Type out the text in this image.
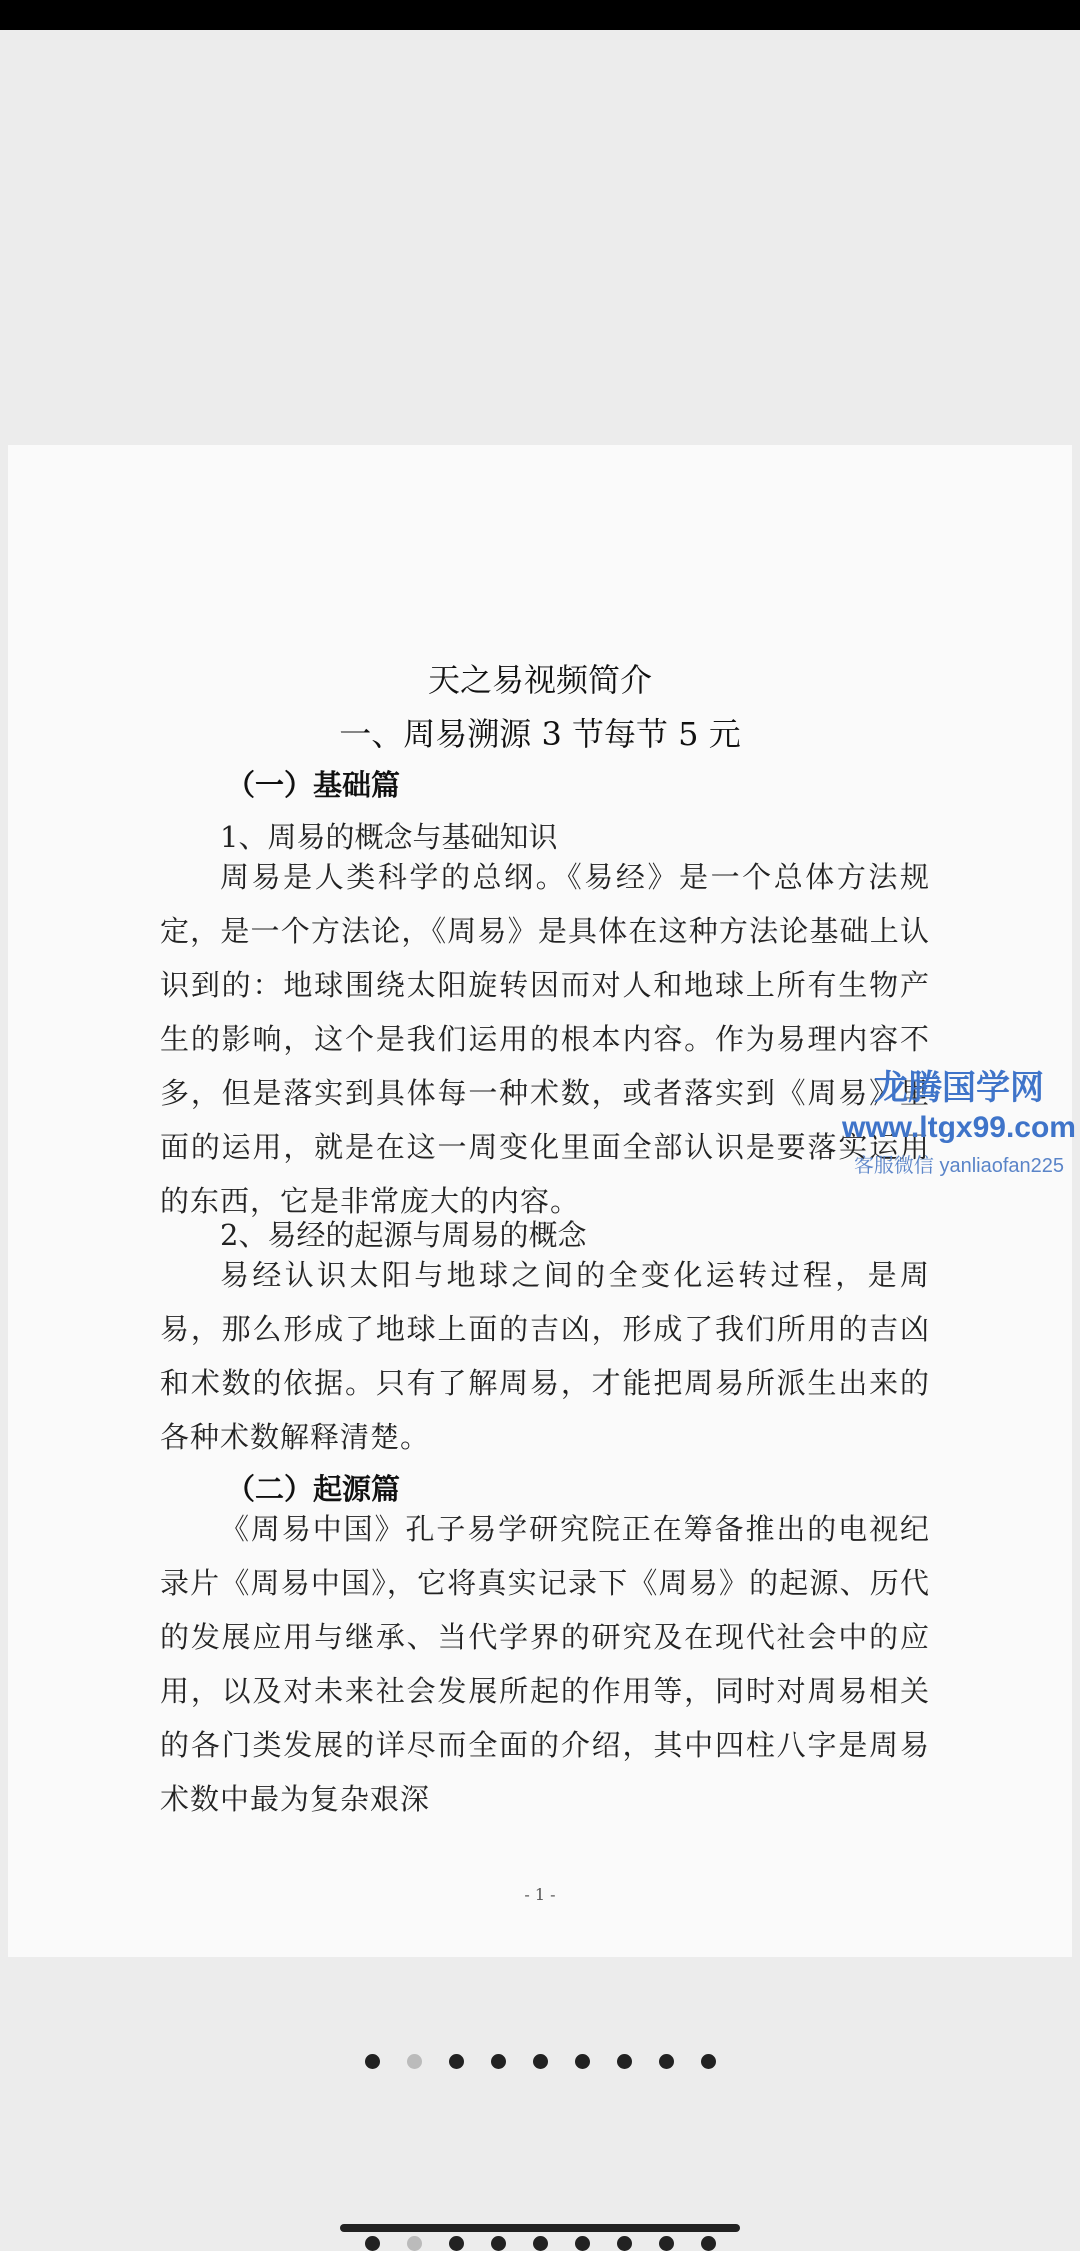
天之易视频简介
一、周易溯源 3 节每节 5 元
（一）基础篇
1、周易的概念与基础知识

周易是人类科学的总纲。《易经》是一个总体方法规定，是一个方法论，《周易》是具体在这种方法论基础上认识到的：地球围绕太阳旋转因而对人和地球上所有生物产生的影响，这个是我们运用的根本内容。作为易理内容不多，但是落实到具体每一种术数，或者落实到《周易》里面的运用，就是在这一周变化里面全部认识是要落实运用的东西，它是非常庞大的内容。

2、易经的起源与周易的概念

易经认识太阳与地球之间的全变化运转过程，是周易，那么形成了地球上面的吉凶，形成了我们所用的吉凶和术数的依据。只有了解周易，才能把周易所派生出来的各种术数解释清楚。

（二）起源篇

《周易中国》孔子易学研究院正在筹备推出的电视纪录片《周易中国》，它将真实记录下《周易》的起源、历代的发展应用与继承、当代学界的研究及在现代社会中的应用，以及对未来社会发展所起的作用等，同时对周易相关的各门类发展的详尽而全面的介绍，其中四柱八字是周易术数中最为复杂艰深

- 1 -
龙腾国学网
www.ltgx99.com
客服微信 yanliaofan225
